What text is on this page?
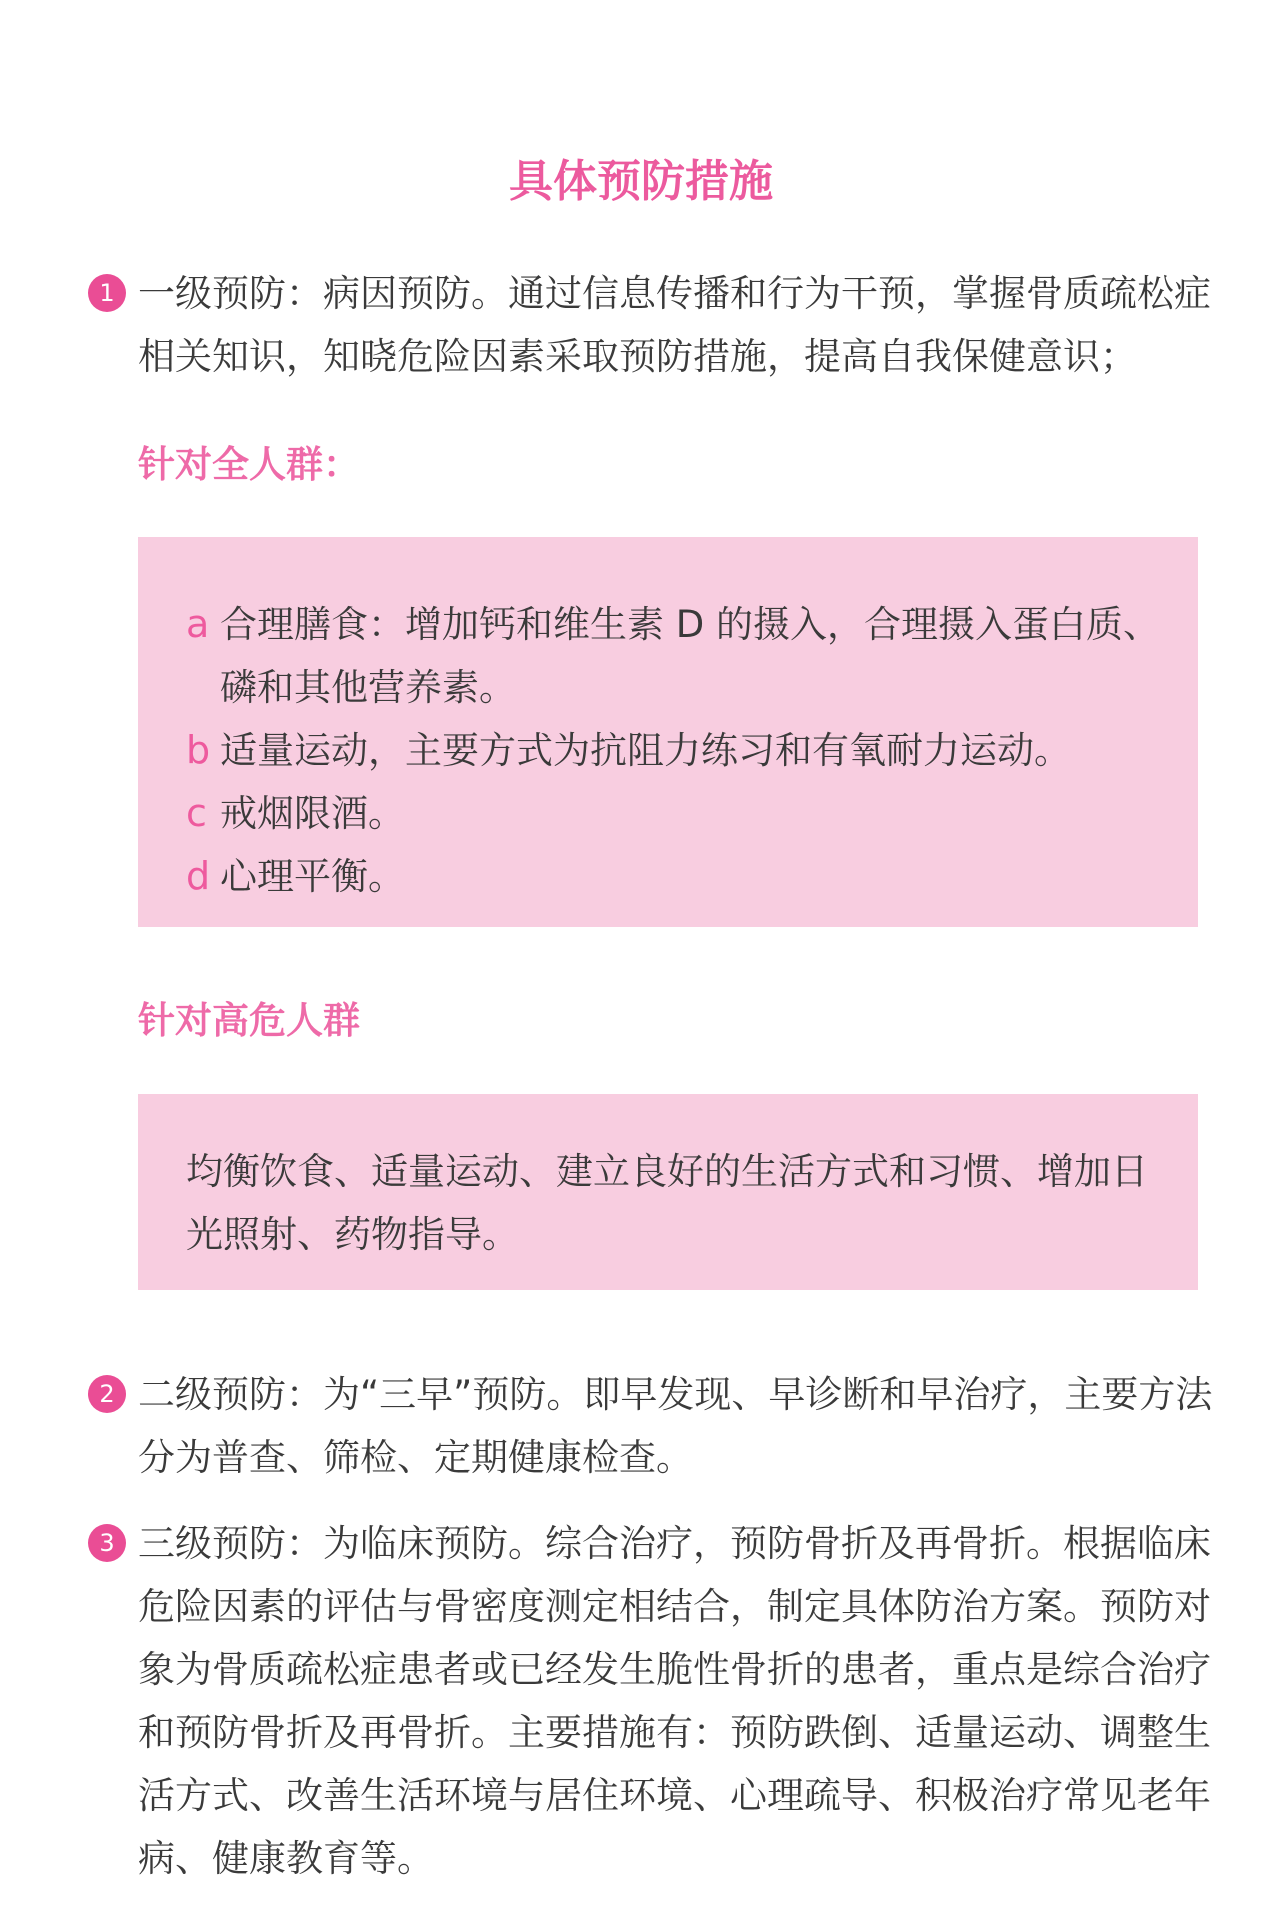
具体预防措施
1 一级预防：病因预防。通过信息传播和行为干预，掌握骨质疏松症相关知识，知晓危险因素采取预防措施，提高自我保健意识；
针对全人群：
a 合理膳食：增加钙和维生素 D 的摄入，合理摄入蛋白质、磷和其他营养素。
b 适量运动，主要方式为抗阻力练习和有氧耐力运动。
c 戒烟限酒。
d 心理平衡。
针对高危人群
均衡饮食、适量运动、建立良好的生活方式和习惯、增加日光照射、药物指导。
2 二级预防：为“三早”预防。即早发现、早诊断和早治疗，主要方法分为普查、筛检、定期健康检查。
3 三级预防：为临床预防。综合治疗，预防骨折及再骨折。根据临床危险因素的评估与骨密度测定相结合，制定具体防治方案。预防对象为骨质疏松症患者或已经发生脆性骨折的患者，重点是综合治疗和预防骨折及再骨折。主要措施有：预防跌倒、适量运动、调整生活方式、改善生活环境与居住环境、心理疏导、积极治疗常见老年病、健康教育等。
